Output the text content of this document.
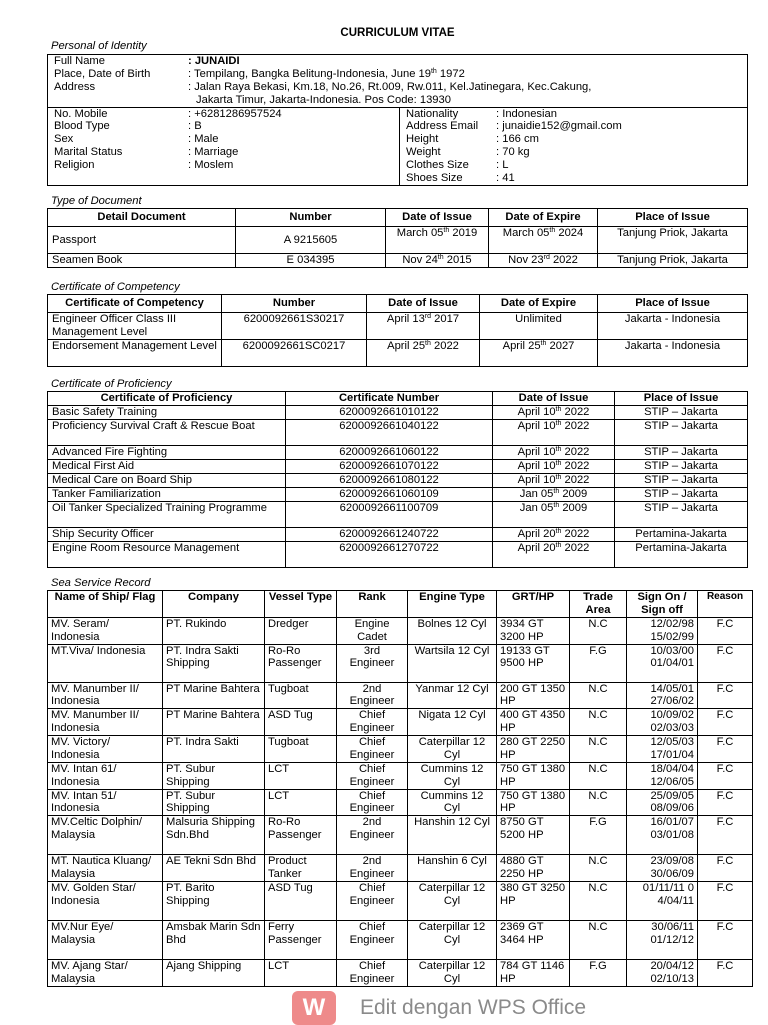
CURRICULUM VITAE
Personal of Identity
Full Name	: JUNAIDI
Place, Date of Birth	: Tempilang, Bangka Belitung-Indonesia, June 19th 1972
Address	: Jalan Raya Bekasi, Km.18, No.26, Rt.009, Rw.011, Kel.Jatinegara, Kec.Cakung,
Jakarta Timur, Jakarta-Indonesia. Pos Code: 13930

No. Mobile	: +6281286957524
Blood Type	: B
Sex	: Male
Marital Status	: Marriage
Religion	: Moslem

Nationality	: Indonesian
Address Email	: junaidie152@gmail.com
Height	: 166 cm
Weight	: 70 kg
Clothes Size	: L
Shoes Size	: 41
Type of Document
Detail Document	Number	Date of Issue	Date of Expire	Place of Issue
Passport	A 9215605	March 05th 2019	March 05th 2024	Tanjung Priok, Jakarta
Seamen Book	E 034395	Nov 24th 2015	Nov 23rd 2022	Tanjung Priok, Jakarta
Certificate of Competency
Certificate of Competency	Number	Date of Issue	Date of Expire	Place of Issue
Engineer Officer Class III Management Level	6200092661S30217	April 13rd 2017	Unlimited	Jakarta - Indonesia
Endorsement Management Level	6200092661SC0217	April 25th 2022	April 25th 2027	Jakarta - Indonesia
Certificate of Proficiency
Certificate of Proficiency	Certificate Number	Date of Issue	Place of Issue
Basic Safety Training	6200092661010122	April 10th 2022	STIP – Jakarta
Proficiency Survival Craft & Rescue Boat	6200092661040122	April 10th 2022	STIP – Jakarta
Advanced Fire Fighting	6200092661060122	April 10th 2022	STIP – Jakarta
Medical First Aid	6200092661070122	April 10th 2022	STIP – Jakarta
Medical Care on Board Ship	6200092661080122	April 10th 2022	STIP – Jakarta
Tanker Familiarization	6200092661060109	Jan 05th 2009	STIP – Jakarta
Oil Tanker Specialized Training Programme	6200092661100709	Jan 05th 2009	STIP – Jakarta
Ship Security Officer	6200092661240722	April 20th 2022	Pertamina-Jakarta
Engine Room Resource Management	6200092661270722	April 20th 2022	Pertamina-Jakarta
Sea Service Record
Name of Ship/ Flag	Company	Vessel Type	Rank	Engine Type	GRT/HP	Trade Area	Sign On / Sign off	Reason
MV. Seram/ Indonesia	PT. Rukindo	Dredger	Engine Cadet	Bolnes 12 Cyl	3934 GT 3200 HP	N.C	12/02/98 15/02/99	F.C
MT.Viva/ Indonesia	PT. Indra Sakti Shipping	Ro-Ro Passenger	3rd Engineer	Wartsila 12 Cyl	19133 GT 9500 HP	F.G	10/03/00 01/04/01	F.C
MV. Manumber II/ Indonesia	PT Marine Bahtera	Tugboat	2nd Engineer	Yanmar 12 Cyl	200 GT 1350 HP	N.C	14/05/01 27/06/02	F.C
MV. Manumber II/ Indonesia	PT Marine Bahtera	ASD Tug	Chief Engineer	Nigata 12 Cyl	400 GT 4350 HP	N.C	10/09/02 02/03/03	F.C
MV. Victory/ Indonesia	PT. Indra Sakti	Tugboat	Chief Engineer	Caterpillar 12 Cyl	280 GT 2250 HP	N.C	12/05/03 17/01/04	F.C
MV. Intan 61/ Indonesia	PT. Subur Shipping	LCT	Chief Engineer	Cummins 12 Cyl	750 GT 1380 HP	N.C	18/04/04 12/06/05	F.C
MV. Intan 51/ Indonesia	PT. Subur Shipping	LCT	Chief Engineer	Cummins 12 Cyl	750 GT 1380 HP	N.C	25/09/05 08/09/06	F.C
MV.Celtic Dolphin/ Malaysia	Malsuria Shipping Sdn.Bhd	Ro-Ro Passenger	2nd Engineer	Hanshin 12 Cyl	8750 GT 5200 HP	F.G	16/01/07 03/01/08	F.C
MT. Nautica Kluang/ Malaysia	AE Tekni Sdn Bhd	Product Tanker	2nd Engineer	Hanshin 6 Cyl	4880 GT 2250 HP	N.C	23/09/08 30/06/09	F.C
MV. Golden Star/ Indonesia	PT. Barito Shipping	ASD Tug	Chief Engineer	Caterpillar 12 Cyl	380 GT 3250 HP	N.C	01/11/11 0 4/04/11	F.C
MV.Nur Eye/ Malaysia	Amsbak Marin Sdn Bhd	Ferry Passenger	Chief Engineer	Caterpillar 12 Cyl	2369 GT 3464 HP	N.C	30/06/11 01/12/12	F.C
MV. Ajang Star/ Malaysia	Ajang Shipping	LCT	Chief Engineer	Caterpillar 12 Cyl	784 GT 1146 HP	F.G	20/04/12 02/10/13	F.C
W	Edit dengan WPS Office
